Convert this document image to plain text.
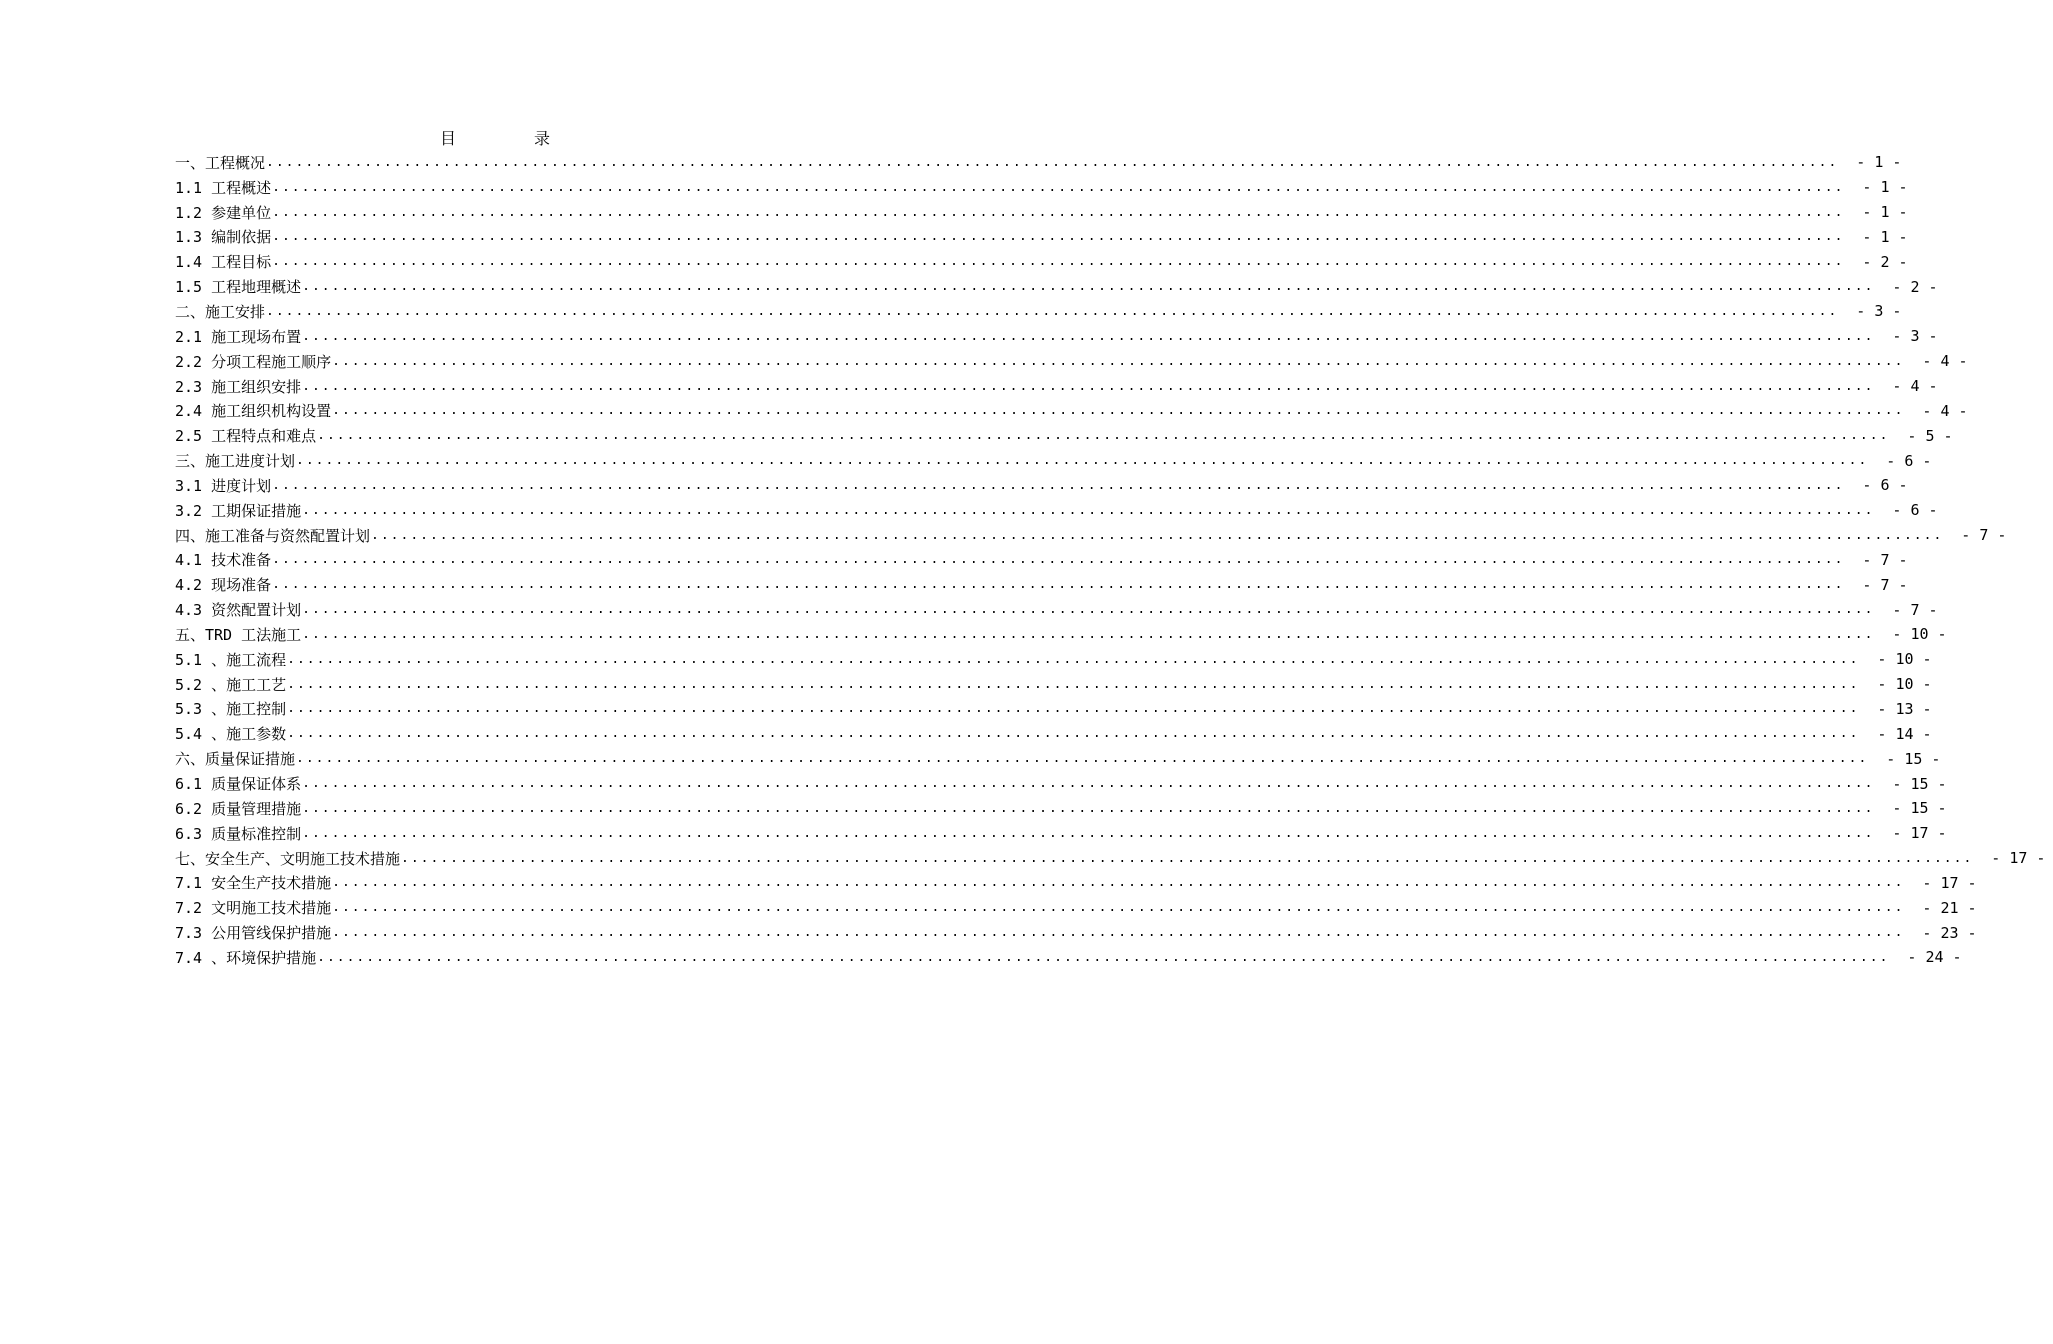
目	录
一、工程概况 ................................................................................................................................................................ - 1 -
1.1 工程概述 ................................................................................................................................................................ - 1 -
1.2 参建单位 ................................................................................................................................................................ - 1 -
1.3 编制依据 ................................................................................................................................................................ - 1 -
1.4 工程目标 ................................................................................................................................................................ - 2 -
1.5 工程地理概述 ................................................................................................................................................................ - 2 -
二、施工安排 ................................................................................................................................................................ - 3 -
2.1 施工现场布置 ................................................................................................................................................................ - 3 -
2.2 分项工程施工顺序 ................................................................................................................................................................ - 4 -
2.3 施工组织安排 ................................................................................................................................................................ - 4 -
2.4 施工组织机构设置 ................................................................................................................................................................ - 4 -
2.5 工程特点和难点 ................................................................................................................................................................ - 5 -
三、施工进度计划 ................................................................................................................................................................ - 6 -
3.1 进度计划 ................................................................................................................................................................ - 6 -
3.2 工期保证措施 ................................................................................................................................................................ - 6 -
四、施工准备与资然配置计划 ................................................................................................................................................................ - 7 -
4.1 技术准备 ................................................................................................................................................................ - 7 -
4.2 现场准备 ................................................................................................................................................................ - 7 -
4.3 资然配置计划 ................................................................................................................................................................ - 7 -
五、TRD 工法施工 ................................................................................................................................................................ - 10 -
5.1 、施工流程 ................................................................................................................................................................ - 10 -
5.2 、施工工艺 ................................................................................................................................................................ - 10 -
5.3 、施工控制 ................................................................................................................................................................ - 13 -
5.4 、施工参数 ................................................................................................................................................................ - 14 -
六、质量保证措施 ................................................................................................................................................................ - 15 -
6.1 质量保证体系 ................................................................................................................................................................ - 15 -
6.2 质量管理措施 ................................................................................................................................................................ - 15 -
6.3 质量标准控制 ................................................................................................................................................................ - 17 -
七、安全生产、文明施工技术措施 ................................................................................................................................................................ - 17 -
7.1 安全生产技术措施 ................................................................................................................................................................ - 17 -
7.2 文明施工技术措施 ................................................................................................................................................................ - 21 -
7.3 公用管线保护措施 ................................................................................................................................................................ - 23 -
7.4 、环境保护措施 ................................................................................................................................................................ - 24 -
